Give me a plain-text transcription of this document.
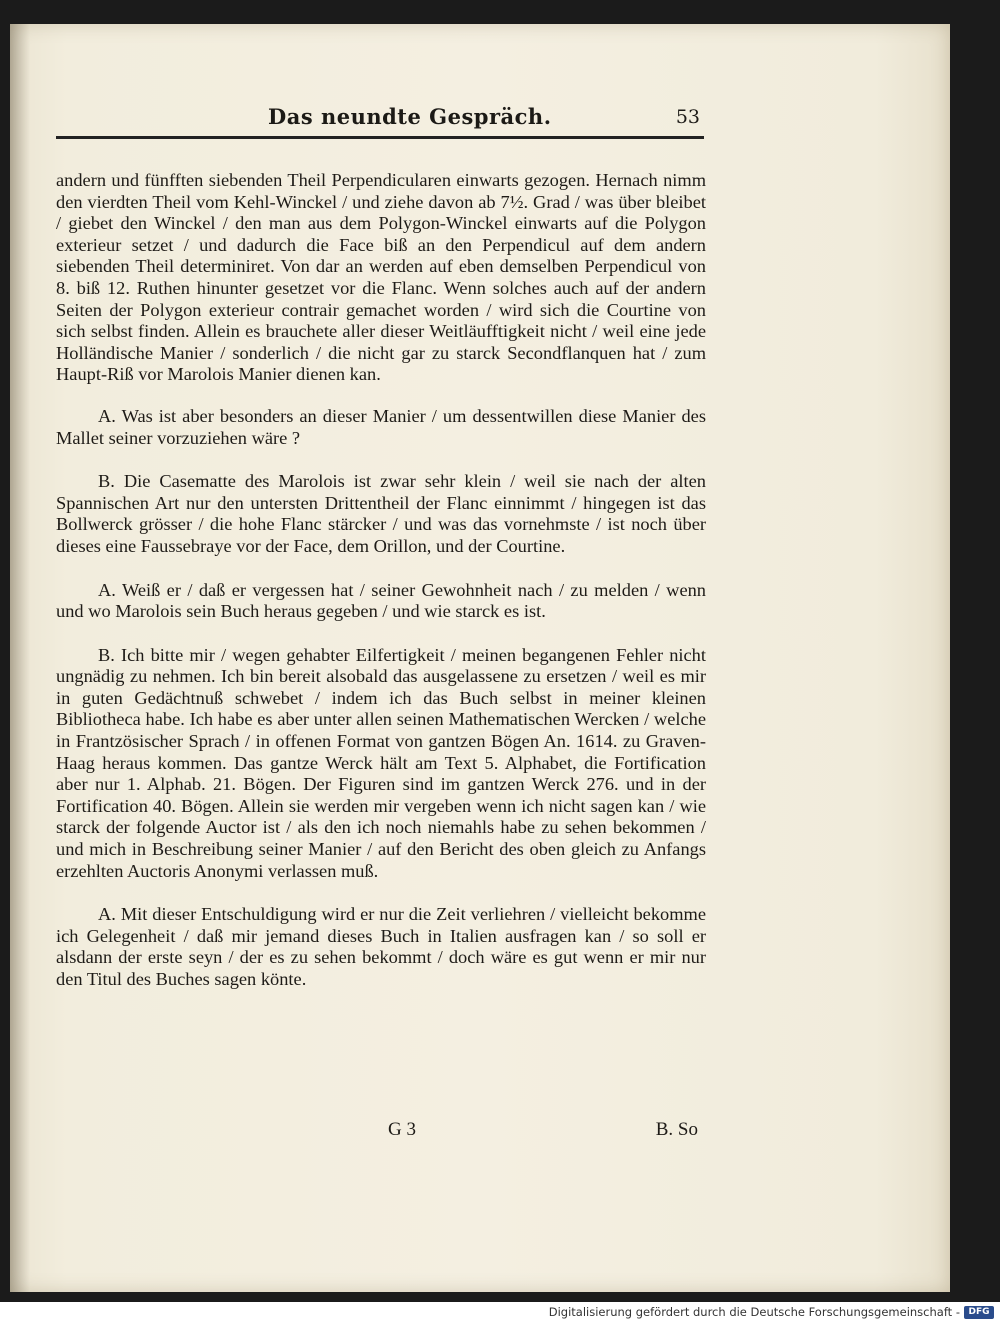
Das neundte Gespräch.	53

andern und fünfften siebenden Theil Perpendicularen einwarts gezogen. Hernach nimm den vierdten Theil vom Kehl-Winckel / und ziehe davon ab 7½. Grad / was über bleibet / giebet den Winckel / den man aus dem Polygon-Winckel einwarts auf die Polygon exterieur setzet / und dadurch die Face biß an den Perpendicul auf dem andern siebenden Theil determiniret. Von dar an werden auf eben demselben Perpendicul von 8. biß 12. Ruthen hinunter gesetzet vor die Flanc. Wenn solches auch auf der andern Seiten der Polygon exterieur contrair gemachet worden / wird sich die Courtine von sich selbst finden. Allein es brauchete aller dieser Weitläufftigkeit nicht / weil eine jede Holländische Manier / sonderlich / die nicht gar zu starck Secondflanquen hat / zum Haupt-Riß vor Marolois Manier dienen kan.

A. Was ist aber besonders an dieser Manier / um dessentwillen diese Manier des Mallet seiner vorzuziehen wäre ?

B. Die Casematte des Marolois ist zwar sehr klein / weil sie nach der alten Spannischen Art nur den untersten Drittentheil der Flanc einnimmt / hingegen ist das Bollwerck grösser / die hohe Flanc stärcker / und was das vornehmste / ist noch über dieses eine Faussebraye vor der Face, dem Orillon, und der Courtine.

A. Weiß er / daß er vergessen hat / seiner Gewohnheit nach / zu melden / wenn und wo Marolois sein Buch heraus gegeben / und wie starck es ist.

B. Ich bitte mir / wegen gehabter Eilfertigkeit / meinen begangenen Fehler nicht ungnädig zu nehmen. Ich bin bereit alsobald das ausgelassene zu ersetzen / weil es mir in guten Gedächtnuß schwebet / indem ich das Buch selbst in meiner kleinen Bibliotheca habe. Ich habe es aber unter allen seinen Mathematischen Wercken / welche in Frantzösischer Sprach / in offenen Format von gantzen Bögen An. 1614. zu Graven-Haag heraus kommen. Das gantze Werck hält am Text 5. Alphabet, die Fortification aber nur 1. Alphab. 21. Bögen. Der Figuren sind im gantzen Werck 276. und in der Fortification 40. Bögen. Allein sie werden mir vergeben wenn ich nicht sagen kan / wie starck der folgende Auctor ist / als den ich noch niemahls habe zu sehen bekommen / und mich in Beschreibung seiner Manier / auf den Bericht des oben gleich zu Anfangs erzehlten Auctoris Anonymi verlassen muß.

A. Mit dieser Entschuldigung wird er nur die Zeit verliehren / vielleicht bekomme ich Gelegenheit / daß mir jemand dieses Buch in Italien ausfragen kan / so soll er alsdann der erste seyn / der es zu sehen bekommt / doch wäre es gut wenn er mir nur den Titul des Buches sagen könte.

G 3	B. So
Digitalisierung gefördert durch die Deutsche Forschungsgemeinschaft - DFG
